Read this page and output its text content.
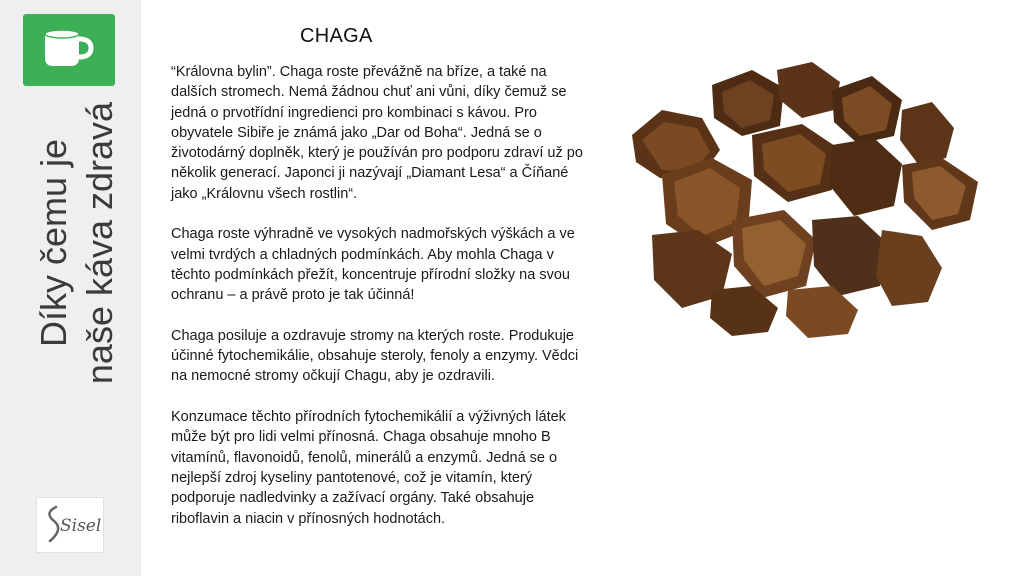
Díky čemu je naše káva zdravá
Sisel
CHAGA

“Královna bylin”. Chaga roste převážně na bříze, a také na dalších stromech. Nemá žádnou chuť ani vůni, díky čemuž se jedná o prvotřídní ingredienci pro kombinaci s kávou. Pro obyvatele Sibiře je známá jako „Dar od Boha“. Jedná se o životodárný doplněk, který je používán pro podporu zdraví už po několik generací. Japonci ji nazývají „Diamant Lesa“ a Číňané jako „Královnu všech rostlin“.

Chaga roste výhradně ve vysokých nadmořských výškách a ve velmi tvrdých a chladných podmínkách. Aby mohla Chaga v těchto podmínkách přežít, koncentruje přírodní složky na svou ochranu – a právě proto je tak účinná!

Chaga posiluje a ozdravuje stromy na kterých roste. Produkuje účinné fytochemikálie, obsahuje steroly, fenoly a enzymy. Vědci na nemocné stromy očkují Chagu, aby je ozdravili.

Konzumace těchto přírodních fytochemikálií a výživných látek může být pro lidi velmi přínosná. Chaga obsahuje mnoho B vitamínů, flavonoidů, fenolů, minerálů a enzymů. Jedná se o nejlepší zdroj kyseliny pantotenové, což je vitamín, který podporuje nadledvinky a zažívací orgány. Také obsahuje riboflavin a niacin v přínosných hodnotách.
